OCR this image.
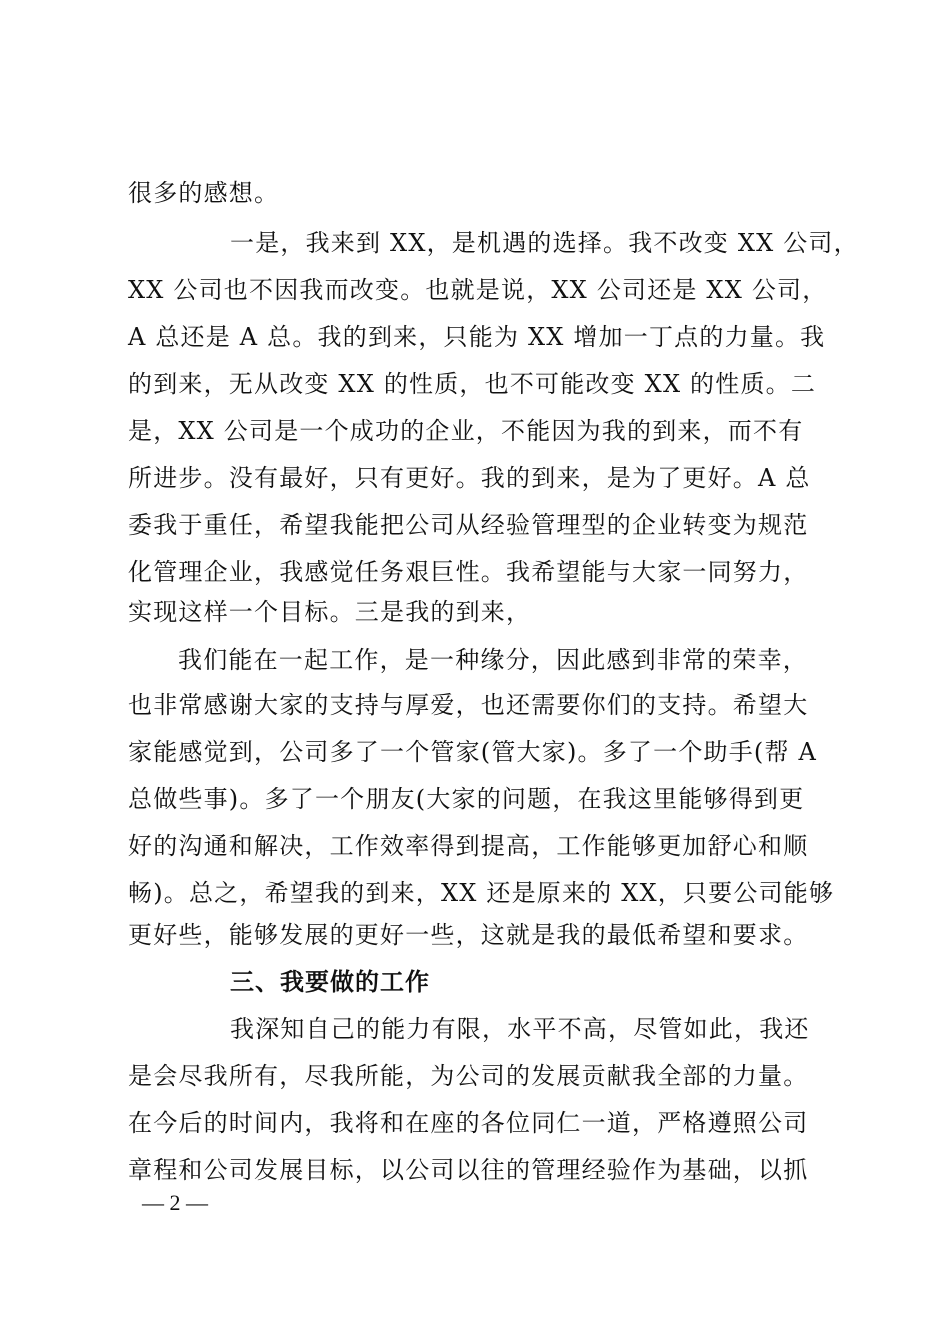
很多的感想。
一是，我来到 XX，是机遇的选择。我不改变 XX 公司，
XX 公司也不因我而改变。也就是说，XX 公司还是 XX 公司，
A 总还是 A 总。我的到来，只能为 XX 增加一丁点的力量。我
的到来，无从改变 XX 的性质，也不可能改变 XX 的性质。二
是，XX 公司是一个成功的企业，不能因为我的到来，而不有
所进步。没有最好，只有更好。我的到来，是为了更好。A 总
委我于重任，希望我能把公司从经验管理型的企业转变为规范
化管理企业，我感觉任务艰巨性。我希望能与大家一同努力，
实现这样一个目标。三是我的到来，
我们能在一起工作，是一种缘分，因此感到非常的荣幸，
也非常感谢大家的支持与厚爱，也还需要你们的支持。希望大
家能感觉到，公司多了一个管家(管大家)。多了一个助手(帮 A
总做些事)。多了一个朋友(大家的问题，在我这里能够得到更
好的沟通和解决，工作效率得到提高，工作能够更加舒心和顺
畅)。总之，希望我的到来，XX 还是原来的 XX，只要公司能够
更好些，能够发展的更好一些，这就是我的最低希望和要求。
三、我要做的工作
我深知自己的能力有限，水平不高，尽管如此，我还
是会尽我所有，尽我所能，为公司的发展贡献我全部的力量。
在今后的时间内，我将和在座的各位同仁一道，严格遵照公司
章程和公司发展目标，以公司以往的管理经验作为基础，以抓
— 2 —
